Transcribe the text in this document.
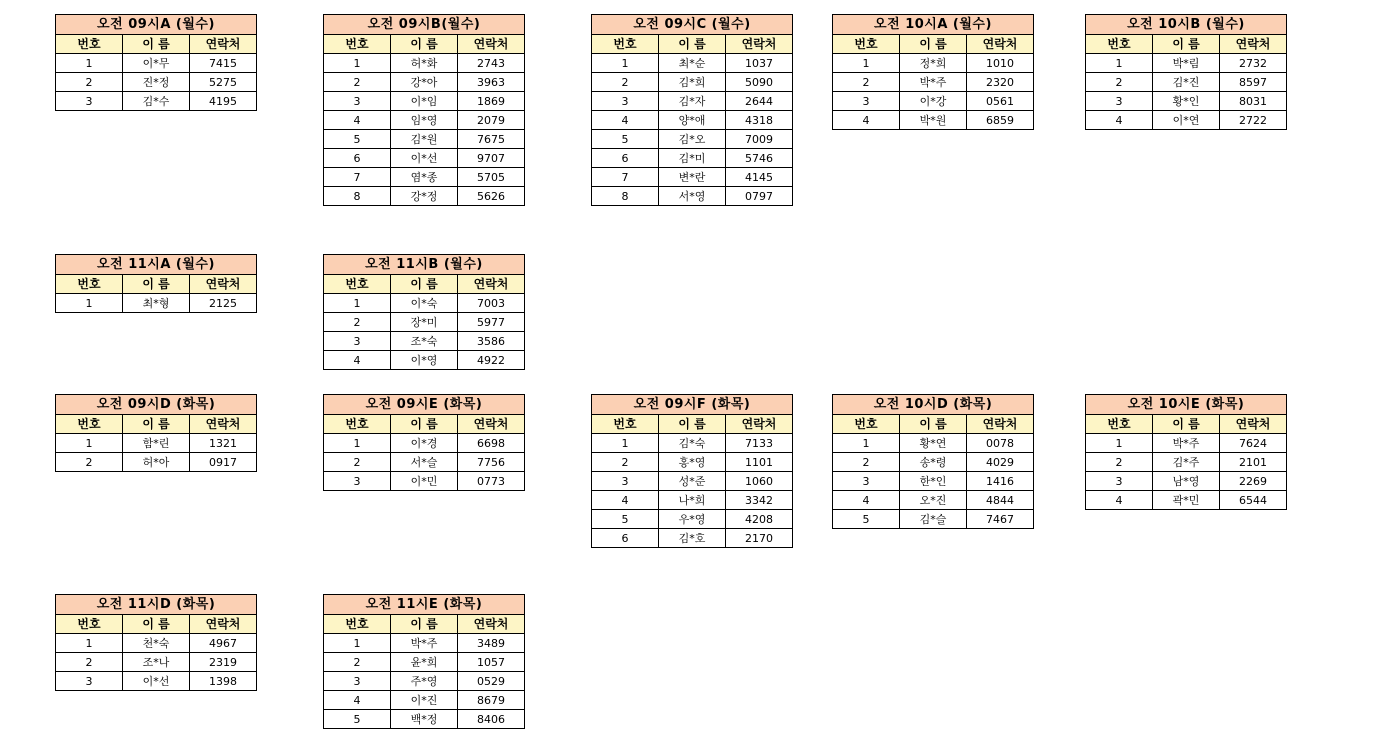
오전 09시A (월수)
번호	이 름	연락처
1	이*무	7415
2	진*정	5275
3	김*수	4195
오전 09시B(월수)
번호	이 름	연락처
1	허*화	2743
2	강*아	3963
3	이*임	1869
4	임*영	2079
5	김*원	7675
6	이*선	9707
7	염*종	5705
8	강*정	5626
오전 09시C (월수)
번호	이 름	연락처
1	최*순	1037
2	김*희	5090
3	김*자	2644
4	양*애	4318
5	김*오	7009
6	김*미	5746
7	변*란	4145
8	서*영	0797
오전 10시A (월수)
번호	이 름	연락처
1	정*희	1010
2	박*주	2320
3	이*강	0561
4	박*원	6859
오전 10시B (월수)
번호	이 름	연락처
1	박*림	2732
2	김*진	8597
3	황*인	8031
4	이*연	2722
오전 11시A (월수)
번호	이 름	연락처
1	최*형	2125
오전 11시B (월수)
번호	이 름	연락처
1	이*숙	7003
2	장*미	5977
3	조*숙	3586
4	이*영	4922
오전 09시D (화목)
번호	이 름	연락처
1	함*린	1321
2	허*아	0917
오전 09시E (화목)
번호	이 름	연락처
1	이*경	6698
2	서*슬	7756
3	이*민	0773
오전 09시F (화목)
번호	이 름	연락처
1	김*숙	7133
2	홍*영	1101
3	성*준	1060
4	나*희	3342
5	우*영	4208
6	김*호	2170
오전 10시D (화목)
번호	이 름	연락처
1	황*연	0078
2	송*령	4029
3	한*인	1416
4	오*진	4844
5	김*슬	7467
오전 10시E (화목)
번호	이 름	연락처
1	박*주	7624
2	김*주	2101
3	남*영	2269
4	곽*민	6544
오전 11시D (화목)
번호	이 름	연락처
1	천*숙	4967
2	조*나	2319
3	이*선	1398
오전 11시E (화목)
번호	이 름	연락처
1	박*주	3489
2	윤*희	1057
3	주*영	0529
4	이*진	8679
5	백*정	8406
